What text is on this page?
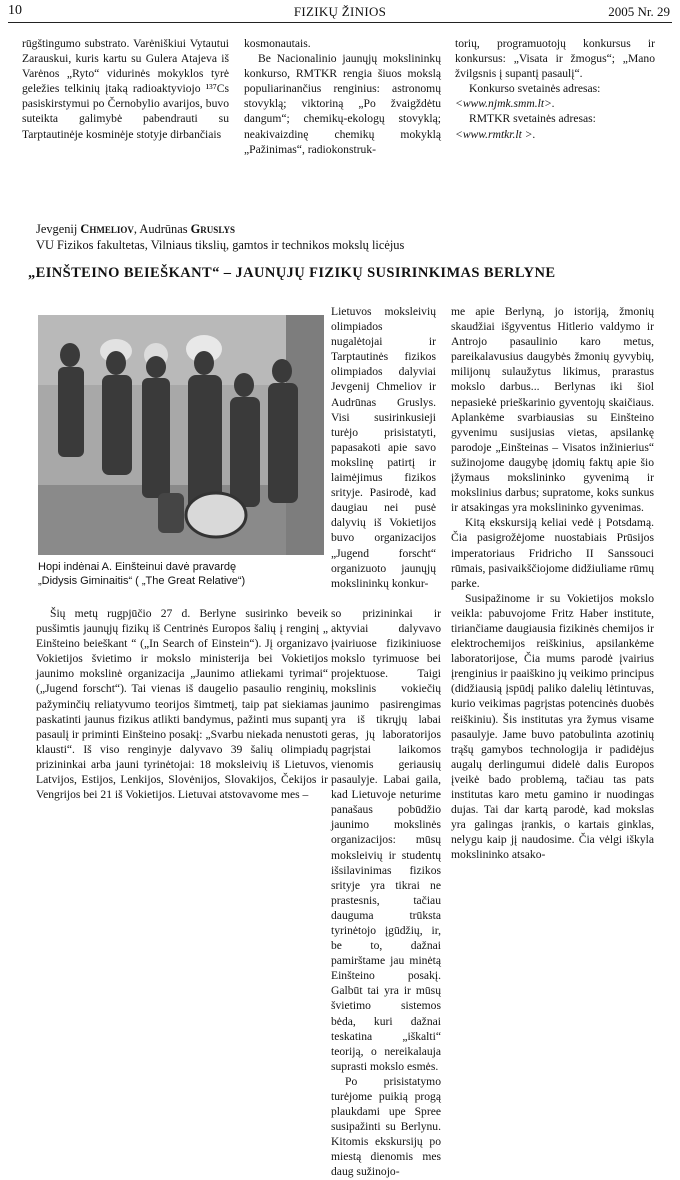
10	FIZIKŲ ŽINIOS	2005 Nr. 29

rūgštingumo substrato. Varėniškiui Vytautui Zarauskui, kuris kartu su Gulera Atajeva iš Varėnos „Ryto“ vidurinės mokyklos tyrė geležies telkinių įtaką radioaktyviojo ¹³⁷Cs pasiskirstymui po Černobylio avarijos, buvo suteikta galimybė pabendrauti su Tarptautinėje kosminėje stotyje dirbančiais

kosmonautais.

Be Nacionalinio jaunųjų mokslininkų konkurso, RMTKR rengia šiuos mokslą populiarinančius renginius: astronomų stovyklą; viktoriną „Po žvaigždėtu dangum“; chemikų-ekologų stovyklą; neakivaizdinę chemikų mokyklą „Pažinimas“, radiokonstruk-

torių, programuotojų konkursus ir konkursus: „Visata ir žmogus“; „Mano žvilgsnis į supantį pasaulį“.

Konkurso svetainės adresas:

<www.njmk.smm.lt>.

RMTKR svetainės adresas:

<www.rmtkr.lt >.

Jevgenij Chmeliov, Audrūnas Gruslys
VU Fizikos fakultetas, Vilniaus tikslių, gamtos ir technikos mokslų licėjus
„EINŠTEINO BEIEŠKANT“ – JAUNŲJŲ FIZIKŲ SUSIRINKIMAS BERLYNE
Hopi indėnai A. Einšteinui davė pravardę
„Didysis Giminaitis“ ( „The Great Relative“)

Šių metų rugpjūčio 27 d. Berlyne susirinko beveik pusšimtis jaunųjų fizikų iš Centrinės Europos šalių į renginį „ Einšteino beieškant “ („In Search of Einstein“). Jį organizavo Vokietijos švietimo ir mokslo ministerija bei Vokietijos jaunimo mokslinė organizacija „Jaunimo atliekami tyrimai“ („Jugend forscht“). Tai vienas iš daugelio pasaulio renginių, pažyminčių reliatyvumo teorijos šimtmetį, taip pat siekiamas paskatinti jaunus fizikus atlikti bandymus, pažinti mus supantį pasaulį ir priminti Einšteino posakį: „Svarbu niekada nenustoti klausti“. Iš viso renginyje dalyvavo 39 šalių olimpiadų prizininkai arba jauni tyrinėtojai: 18 moksleivių iš Lietuvos, Latvijos, Estijos, Lenkijos, Slovėnijos, Slovakijos, Čekijos ir Vengrijos bei 21 iš Vokietijos. Lietuvai atstovavome mes –

Lietuvos moksleivių olimpiados nugalėtojai ir Tarptautinės fizikos olimpiados dalyviai Jevgenij Chmeliov ir Audrūnas Gruslys. Visi susirinkusieji turėjo prisistatyti, papasakoti apie savo mokslinę patirtį ir laimėjimus fizikos srityje. Pasirodė, kad daugiau nei pusė dalyvių iš Vokietijos buvo organizacijos „Jugend forscht“ organizuoto jaunųjų mokslininkų konkur-

so prizininkai ir aktyviai dalyvavo įvairiuose fizikiniuose mokslo tyrimuose bei projektuose. Taigi mokslinis vokiečių jaunimo pasirengimas yra iš tikrųjų labai geras, jų laboratorijos pagrįstai laikomos vienomis geriausių pasaulyje. Labai gaila, kad Lietuvoje neturime panašaus pobūdžio jaunimo mokslinės organizacijos: mūsų moksleivių ir studentų išsilavinimas fizikos srityje yra tikrai ne prastesnis, tačiau dauguma trūksta tyrinėtojo įgūdžių, ir, be to, dažnai pamirštame jau minėtą Einšteino posakį. Galbūt tai yra ir mūsų švietimo sistemos bėda, kuri dažnai teskatina „iškalti“ teoriją, o nereikalauja suprasti mokslo esmės.

Po prisistatymo turėjome puikią progą plaukdami upe Spree susipažinti su Berlynu. Kitomis ekskursijų po miestą dienomis mes daug sužinojo-

me apie Berlyną, jo istoriją, žmonių skaudžiai išgyventus Hitlerio valdymo ir Antrojo pasaulinio karo metus, pareikalavusius daugybės žmonių gyvybių, milijonų sulaužytus likimus, prarastus mokslo darbus... Berlynas iki šiol nepasiekė prieškarinio gyventojų skaičiaus. Aplankėme svarbiausias su Einšteino gyvenimu susijusias vietas, apsilankę parodoje „Einšteinas – Visatos inžinierius“ sužinojome daugybę įdomių faktų apie šio įžymaus mokslininko gyvenimą ir mokslinius darbus; supratome, koks sunkus ir atsakingas yra mokslininko gyvenimas.

Kitą ekskursiją keliai vedė į Potsdamą. Čia pasigrožėjome nuostabiais Prūsijos imperatoriaus Fridricho II Sanssouci rūmais, pasivaikščiojome didžiuliame rūmų parke.

Susipažinome ir su Vokietijos mokslo veikla: pabuvojome Fritz Haber institute, tiriančiame daugiausia fizikinės chemijos ir elektrochemijos reiškinius, apsilankėme laboratorijose, Čia mums parodė įvairius įrenginius ir paaiškino jų veikimo principus (didžiausią įspūdį paliko dalelių lėtintuvas, kurio veikimas pagrįstas potencinės duobės reiškiniu). Šis institutas yra žymus visame pasaulyje. Jame buvo patobulinta azotinių trąšų gamybos technologija ir padidėjus augalų derlingumui didelė dalis Europos įveikė bado problemą, tačiau tas pats institutas karo metu gamino ir nuodingas dujas. Tai dar kartą parodė, kad mokslas yra galingas įrankis, o kartais ginklas, nelygu kaip jį naudosime. Čia vėlgi iškyla mokslininko atsako-
